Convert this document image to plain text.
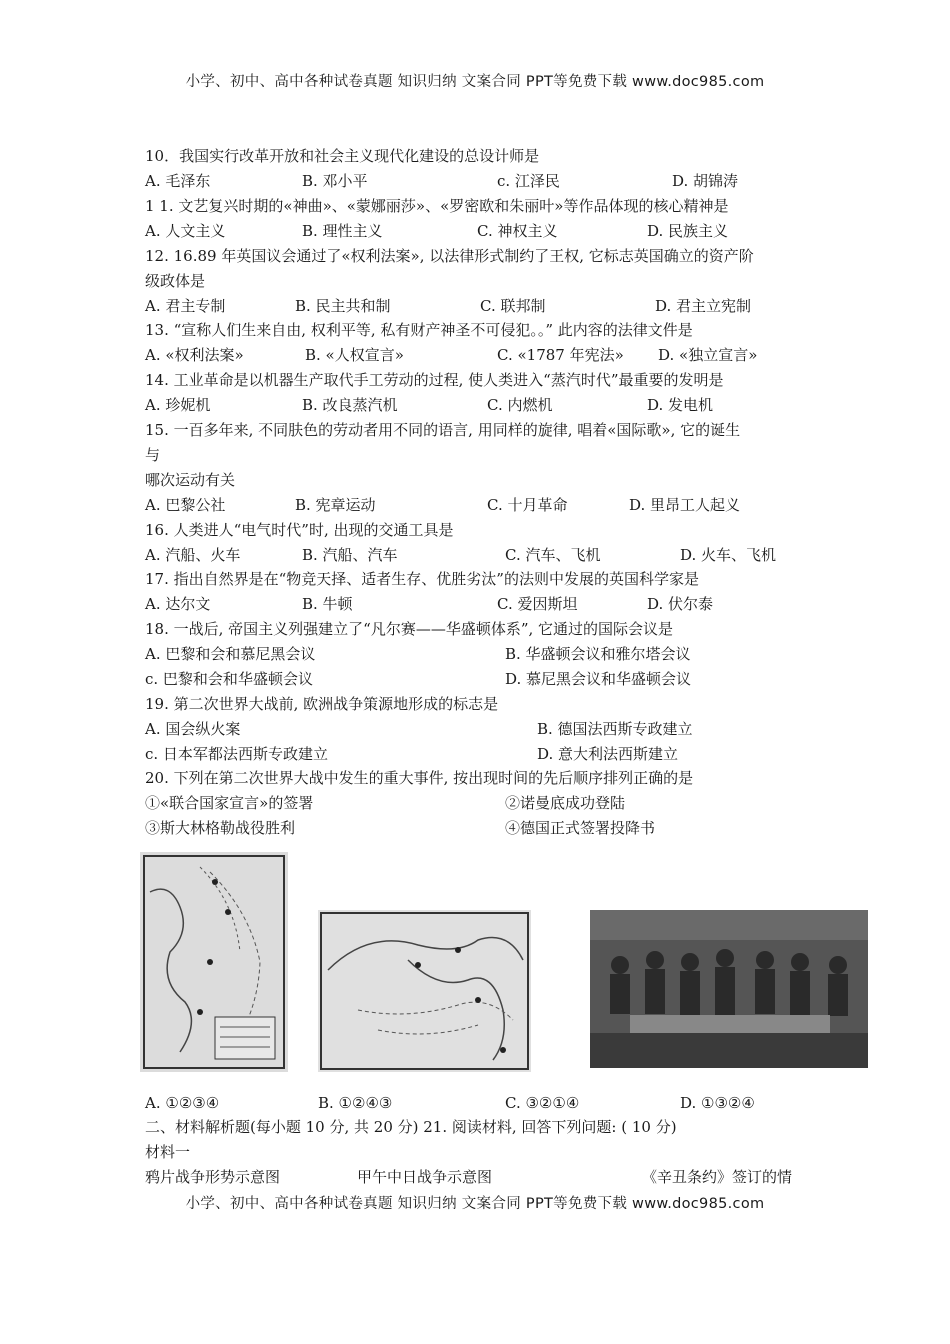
小学、初中、高中各种试卷真题 知识归纳 文案合同 PPT等免费下载 www.doc985.com
10．我国实行改革开放和社会主义现代化建设的总设计师是
A. 毛泽东	B. 邓小平	c. 江泽民	D. 胡锦涛
1 1. 文艺复兴时期的«神曲»、«蒙娜丽莎»、«罗密欧和朱丽叶»等作品体现的核心精神是
A. 人文主义	B. 理性主义	C. 神权主义	D. 民族主义
12. 16.89 年英国议会通过了«权利法案», 以法律形式制约了王权, 它标志英国确立的资产阶
级政体是
A. 君主专制	B. 民主共和制	C. 联邦制	D. 君主立宪制
13. “宣称人们生来自由, 权利平等, 私有财产神圣不可侵犯。。” 此内容的法律文件是
A. «权利法案»	B. «人权宣言»	C. «1787 年宪法» D. «独立宣言»
14. 工业革命是以机器生产取代手工劳动的过程, 使人类进入“蒸汽时代”最重要的发明是
A. 珍妮机	B. 改良蒸汽机	C. 内燃机	D. 发电机
15. 一百多年来, 不同肤色的劳动者用不同的语言, 用同样的旋律, 唱着«国际歌», 它的诞生
与
哪次运动有关
A. 巴黎公社	B. 宪章运动	C. 十月革命	D. 里昂工人起义
16. 人类进人“电气时代”时, 出现的交通工具是
A. 汽船、火车	B. 汽船、汽车	C. 汽车、飞机	D. 火车、飞机
17. 指出自然界是在“物竞天择、适者生存、优胜劣汰”的法则中发展的英国科学家是
A. 达尔文	B. 牛顿	C. 爱因斯坦	D. 伏尔泰
18. 一战后, 帝国主义列强建立了“凡尔赛——华盛顿体系”, 它通过的国际会议是
A. 巴黎和会和慕尼黑会议	B. 华盛顿会议和雅尔塔会议
c. 巴黎和会和华盛顿会议	D. 慕尼黑会议和华盛顿会议
19. 第二次世界大战前, 欧洲战争策源地形成的标志是
A. 国会纵火案	B. 德国法西斯专政建立
c. 日本军都法西斯专政建立	D. 意大利法西斯建立
20. 下列在第二次世界大战中发生的重大事件, 按出现时间的先后顺序排列正确的是
①«联合国家宣言»的签署	②诺曼底成功登陆
③斯大林格勒战役胜利	④德国正式签署投降书
A. ①②③④	B. ①②④③	C. ③②①④	D. ①③②④
二、材料解析题(每小题 10 分, 共 20 分) 21. 阅读材料, 回答下列问题: ( 10 分)
材料一
鸦片战争形势示意图	甲午中日战争示意图	《辛丑条约》签订的情
小学、初中、高中各种试卷真题 知识归纳 文案合同 PPT等免费下载 www.doc985.com
